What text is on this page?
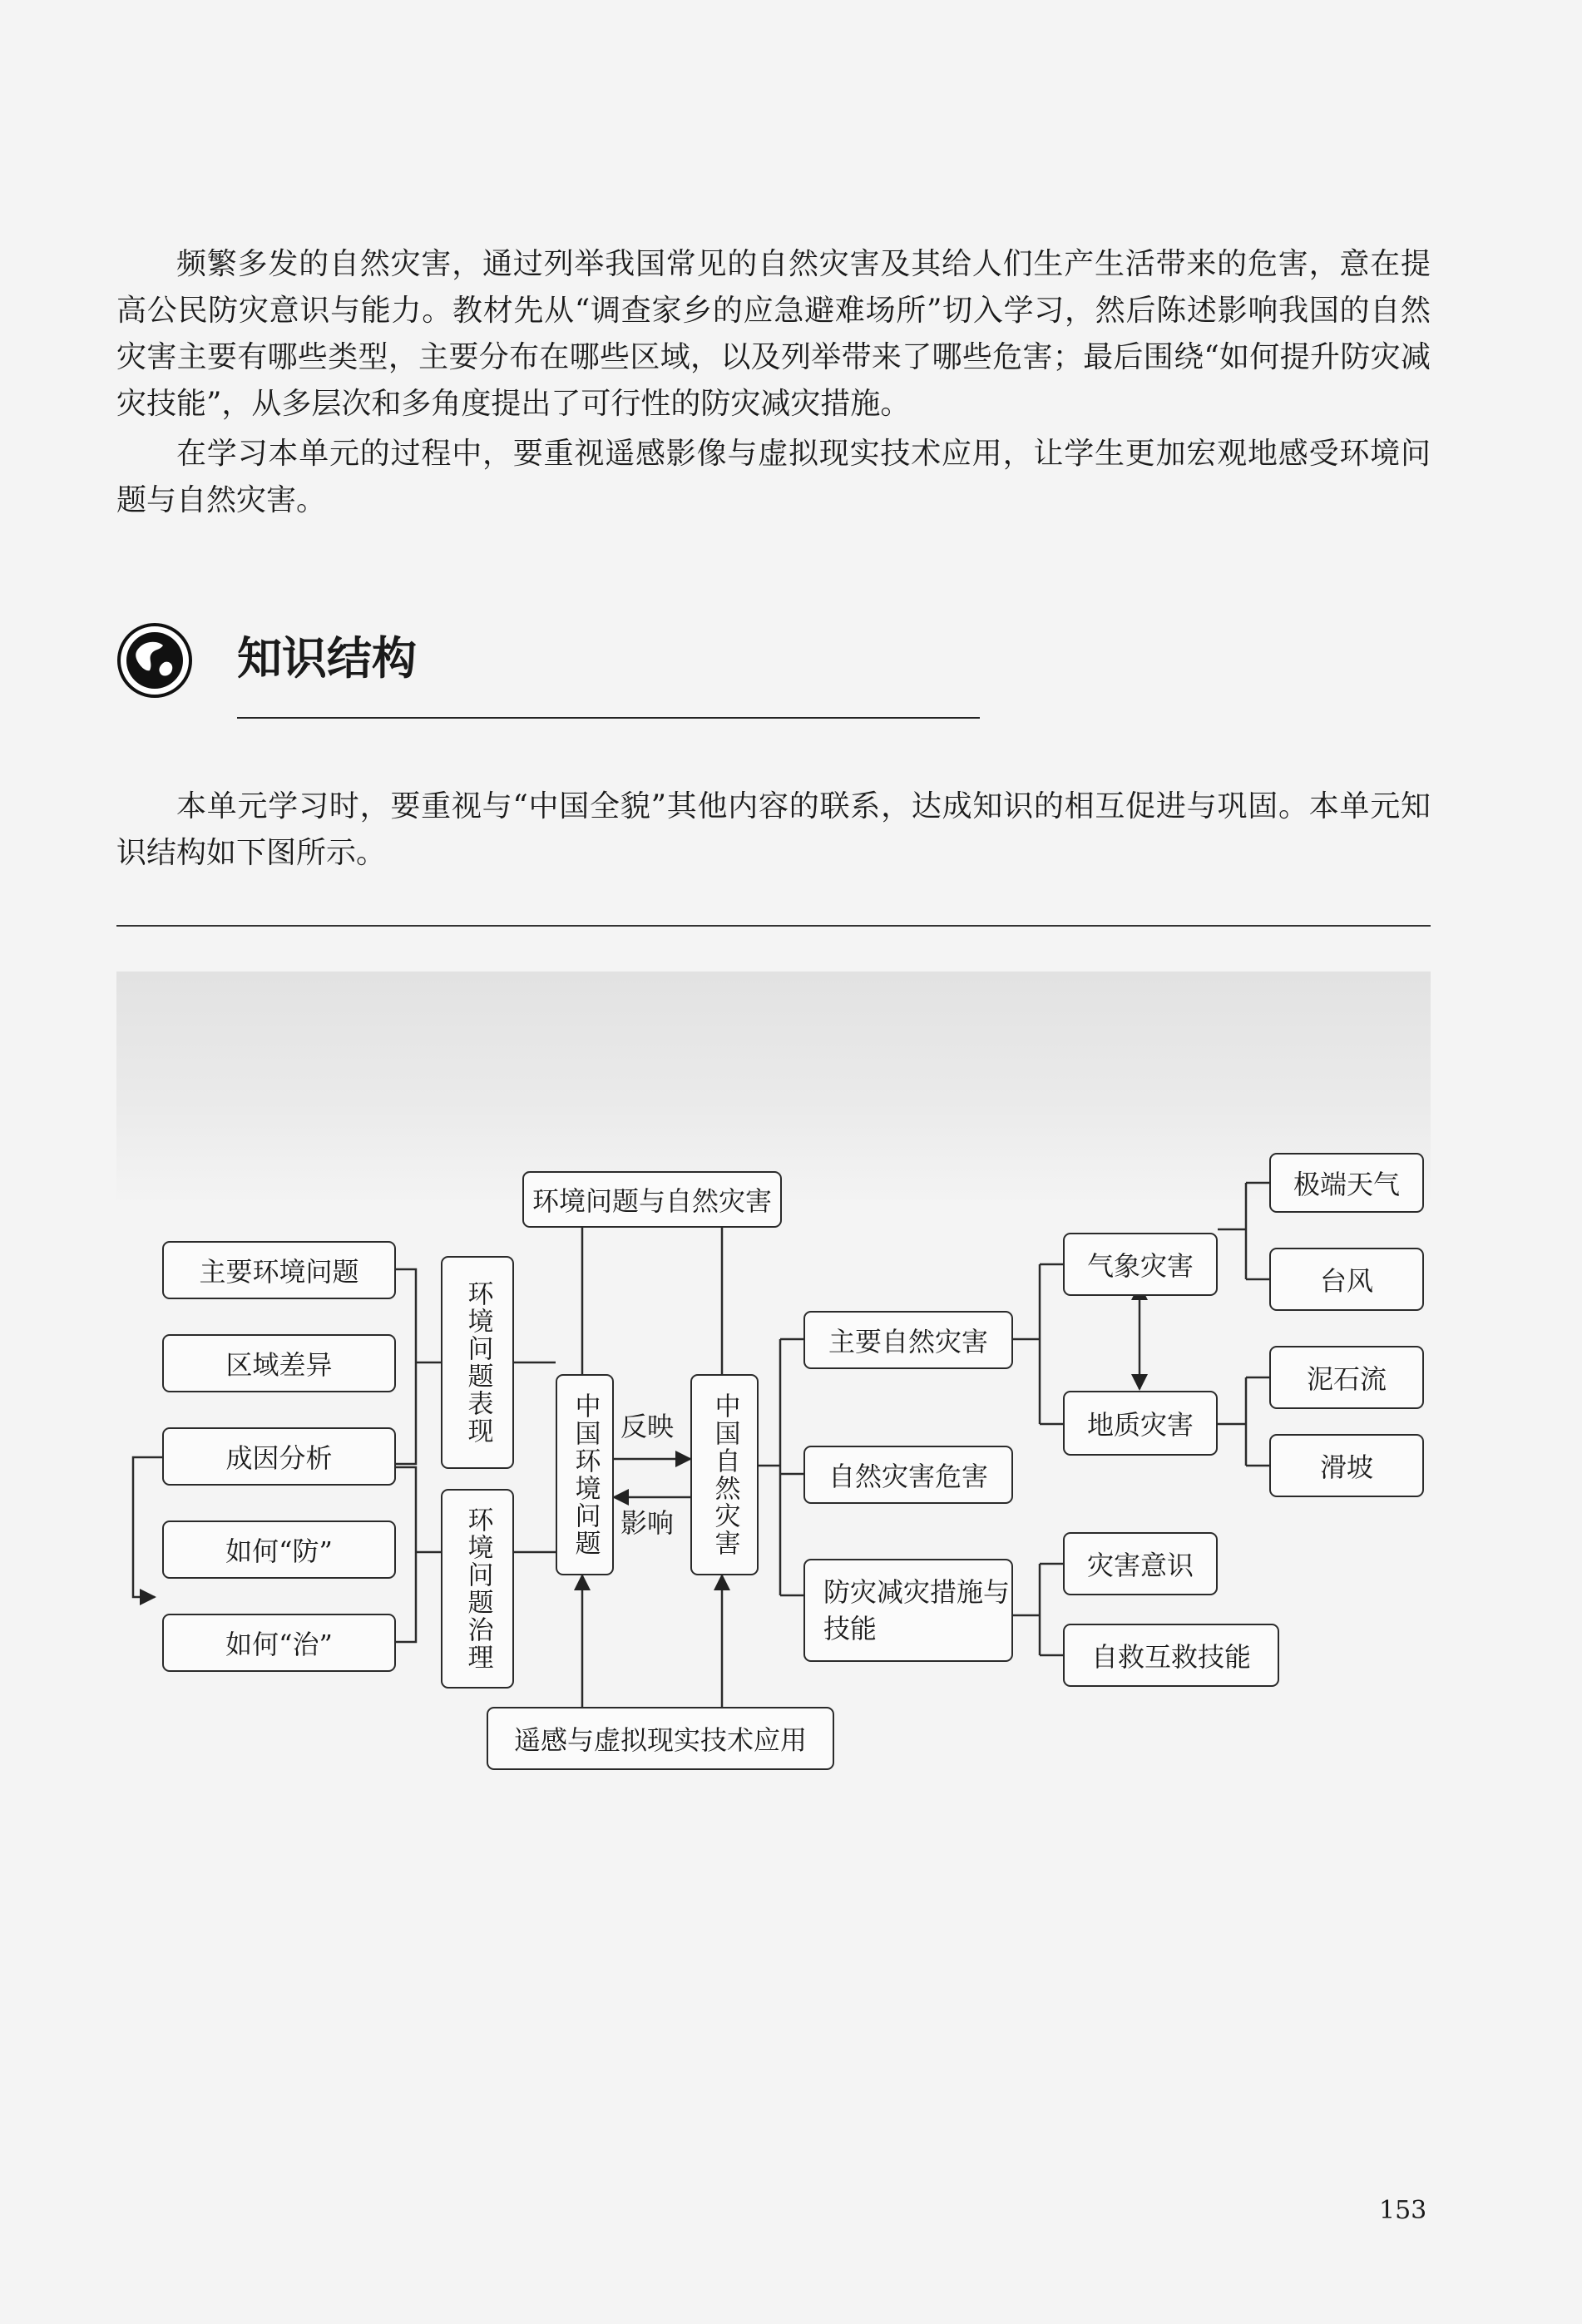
频繁多发的自然灾害，通过列举我国常见的自然灾害及其给人们生产生活带来的危害，意在提高公民防灾意识与能力。教材先从“调查家乡的应急避难场所”切入学习，然后陈述影响我国的自然灾害主要有哪些类型，主要分布在哪些区域，以及列举带来了哪些危害；最后围绕“如何提升防灾减灾技能”，从多层次和多角度提出了可行性的防灾减灾措施。

在学习本单元的过程中，要重视遥感影像与虚拟现实技术应用，让学生更加宏观地感受环境问题与自然灾害。

知识结构

本单元学习时，要重视与“中国全貌”其他内容的联系，达成知识的相互促进与巩固。本单元知识结构如下图所示。

环境问题与自然灾害
主要环境问题
区域差异
成因分析
如何“防”
如何“治”
环境问题表现
环境问题治理
中国环境问题	中国自然灾害
反映
影响
主要自然灾害
自然灾害危害
防灾减灾措施与技能
气象灾害
地质灾害
极端天气
台风
泥石流
滑坡
灾害意识
自救互救技能
遥感与虚拟现实技术应用
153
